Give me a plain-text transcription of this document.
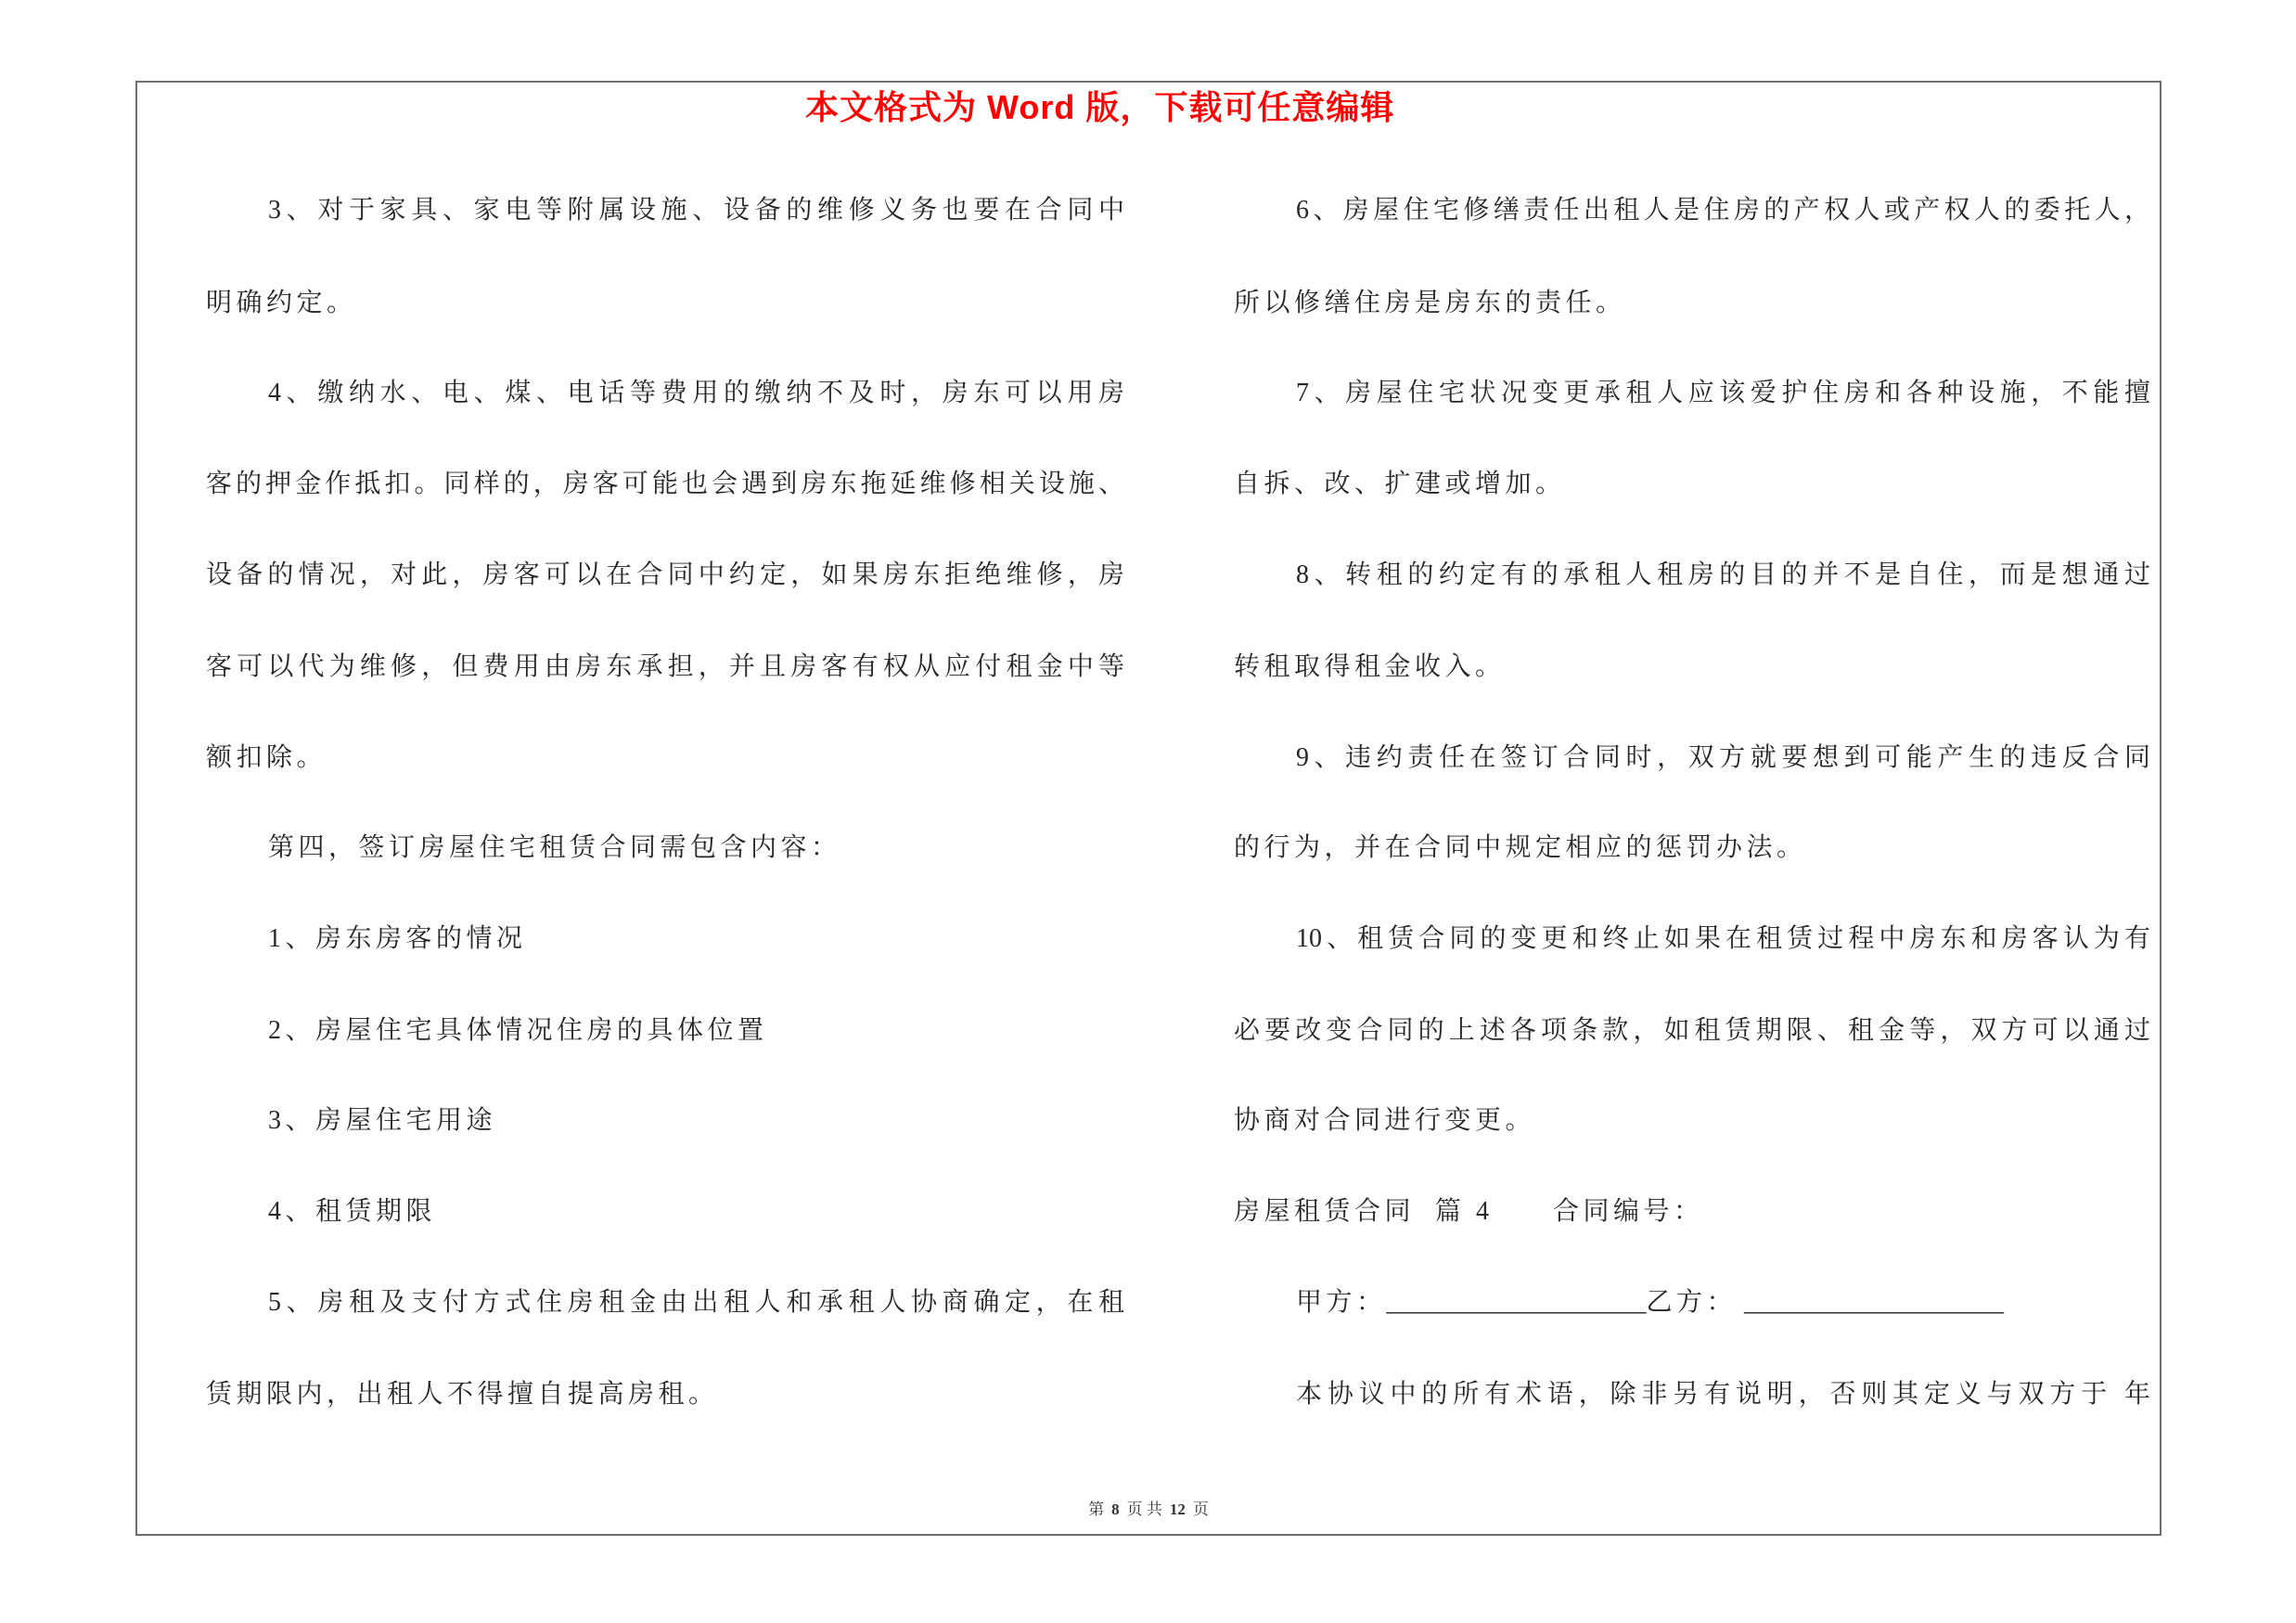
本文格式为 Word 版，下载可任意编辑
3、对于家具、家电等附属设施、设备的维修义务也要在合同中
明确约定。
4、缴纳水、电、煤、电话等费用的缴纳不及时，房东可以用房
客的押金作抵扣。同样的，房客可能也会遇到房东拖延维修相关设施、
设备的情况，对此，房客可以在合同中约定，如果房东拒绝维修，房
客可以代为维修，但费用由房东承担，并且房客有权从应付租金中等
额扣除。
第四，签订房屋住宅租赁合同需包含内容：
1、房东房客的情况
2、房屋住宅具体情况住房的具体位置
3、房屋住宅用途
4、租赁期限
5、房租及支付方式住房租金由出租人和承租人协商确定，在租
赁期限内，出租人不得擅自提高房租。
6、房屋住宅修缮责任出租人是住房的产权人或产权人的委托人，
所以修缮住房是房东的责任。
7、房屋住宅状况变更承租人应该爱护住房和各种设施，不能擅
自拆、改、扩建或增加。
8、转租的约定有的承租人租房的目的并不是自住，而是想通过
转租取得租金收入。
9、违约责任在签订合同时，双方就要想到可能产生的违反合同
的行为，并在合同中规定相应的惩罚办法。
10、租赁合同的变更和终止如果在租赁过程中房东和房客认为有
必要改变合同的上述各项条款，如租赁期限、租金等，双方可以通过
协商对合同进行变更。
房屋租赁合同 篇 4 合同编号：
甲方：____________________乙方： ____________________
本协议中的所有术语，除非另有说明，否则其定义与双方于 年
第 8 页 共 12 页
